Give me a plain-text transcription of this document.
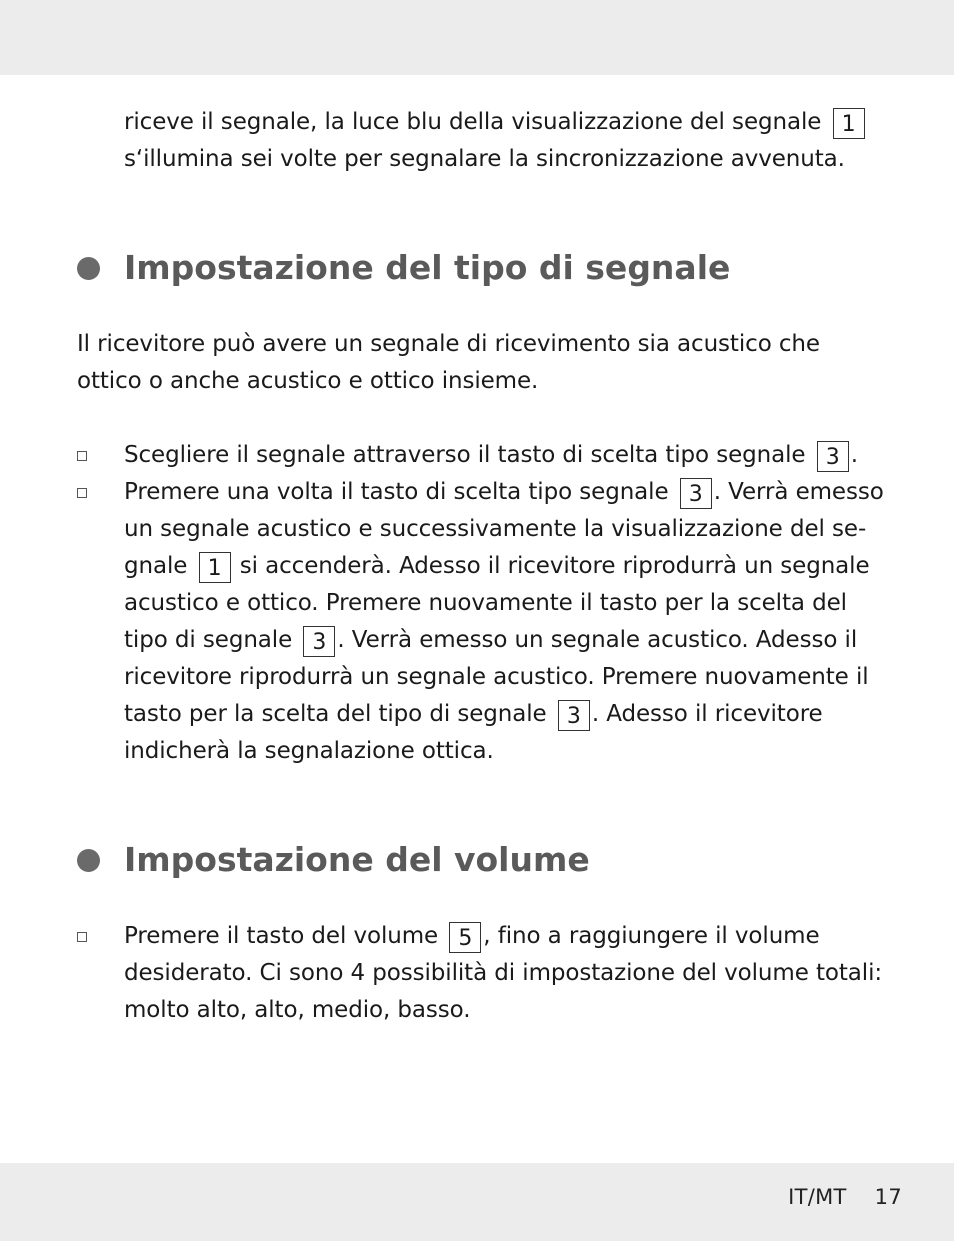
riceve il segnale, la luce blu della visualizzazione del segnale 1
s‘illumina sei volte per segnalare la sincronizzazione avvenuta.

Impostazione del tipo di segnale

Il ricevitore può avere un segnale di ricevimento sia acustico che ottico o anche acustico e ottico insieme.

Scegliere il segnale attraverso il tasto di scelta tipo segnale 3 .

Premere una volta il tasto di scelta tipo segnale 3 . Verrà emesso un segnale acustico e successivamente la visualizzazione del segnale 1 si accenderà. Adesso il ricevitore riprodurrà un segnale acustico e ottico. Premere nuovamente il tasto per la scelta del tipo di segnale 3 . Verrà emesso un segnale acustico. Adesso il ricevitore riprodurrà un segnale acustico. Premere nuovamente il tasto per la scelta del tipo di segnale 3 . Adesso il ricevitore indicherà la segnalazione ottica.

Impostazione del volume

Premere il tasto del volume 5 , fino a raggiungere il volume desiderato. Ci sono 4 possibilità di impostazione del volume totali: molto alto, alto, medio, basso.

IT/MT 17
